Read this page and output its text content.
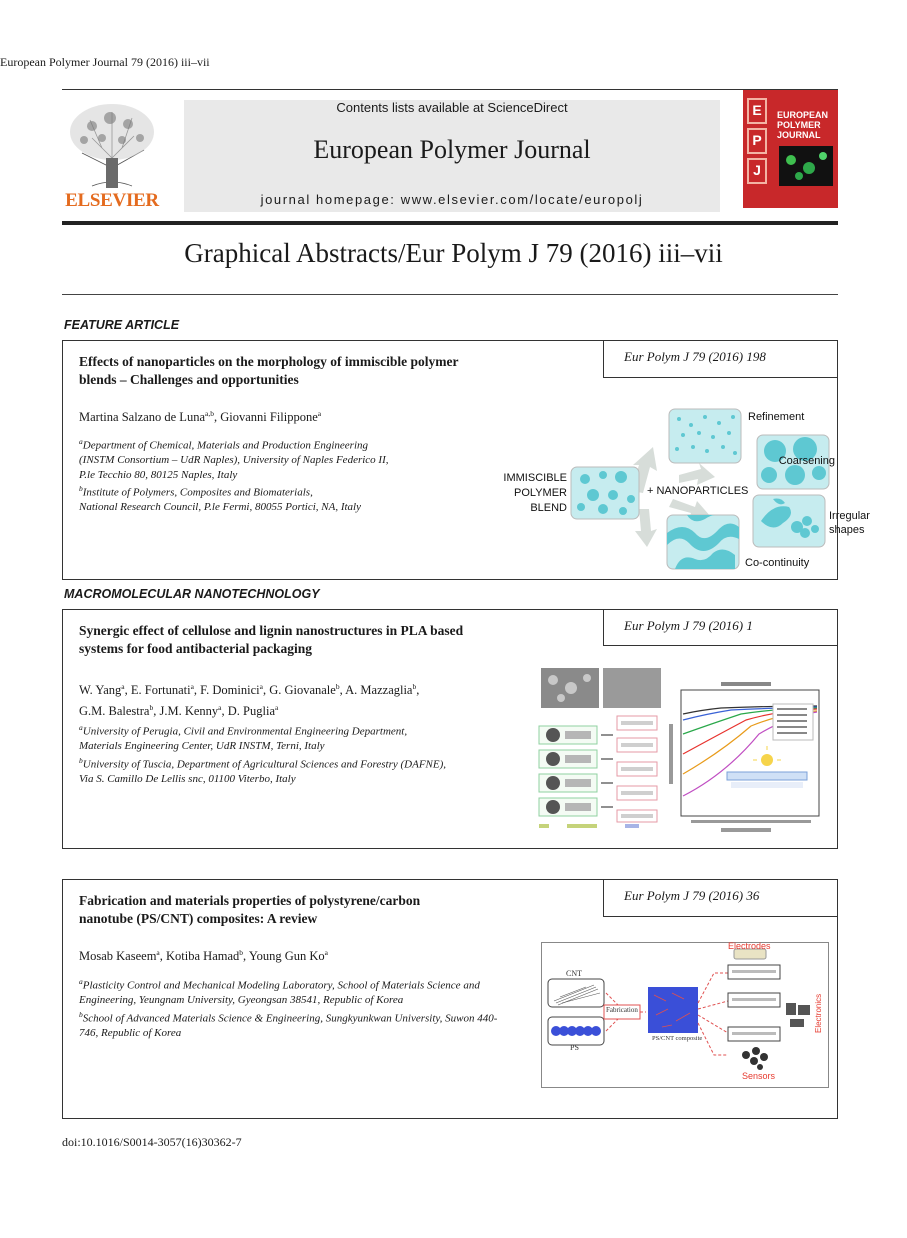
European Polymer Journal 79 (2016) iii–vii
ELSEVIER
Contents lists available at ScienceDirect
European Polymer Journal
journal homepage: www.elsevier.com/locate/europolj
E
P
J
EUROPEAN POLYMER JOURNAL
Graphical Abstracts/Eur Polym J 79 (2016) iii–vii
FEATURE ARTICLE
Eur Polym J 79 (2016) 198
Effects of nanoparticles on the morphology of immiscible polymer
blends – Challenges and opportunities
Martina Salzano de Luna$^{a,b}$, Giovanni Filippone$^a$
$^a$Department of Chemical, Materials and Production Engineering
(INSTM Consortium – UdR Naples), University of Naples Federico II,
P.le Tecchio 80, 80125 Naples, Italy
$^b$Institute of Polymers, Composites and Biomaterials,
National Research Council, P.le Fermi, 80055 Portici, NA, Italy
IMMISCIBLE
POLYMER
BLEND
+ NANOPARTICLES
Refinement
Coarsening
Irregular
shapes
Co-continuity
MACROMOLECULAR NANOTECHNOLOGY
Eur Polym J 79 (2016) 1
Synergic effect of cellulose and lignin nanostructures in PLA based
systems for food antibacterial packaging
W. Yang$^a$, E. Fortunati$^a$, F. Dominici$^a$, G. Giovanale$^b$, A. Mazzaglia$^b$,
G.M. Balestra$^b$, J.M. Kenny$^a$, D. Puglia$^a$
$^a$University of Perugia, Civil and Environmental Engineering Department,
Materials Engineering Center, UdR INSTM, Terni, Italy
$^b$University of Tuscia, Department of Agricultural Sciences and Forestry (DAFNE),
Via S. Camillo De Lellis snc, 01100 Viterbo, Italy
Eur Polym J 79 (2016) 36
Fabrication and materials properties of polystyrene/carbon
nanotube (PS/CNT) composites: A review
Mosab Kaseem$^a$, Kotiba Hamad$^b$, Young Gun Ko$^a$
$^a$Plasticity Control and Mechanical Modeling Laboratory, School of Materials Science and
Engineering, Yeungnam University, Gyeongsan 38541, Republic of Korea
$^b$School of Advanced Materials Science & Engineering, Sungkyunkwan University, Suwon 440-
746, Republic of Korea
CNT
PS
Fabrication
PS/CNT composite
Electrodes
Sensors
Electronics
doi:10.1016/S0014-3057(16)30362-7
